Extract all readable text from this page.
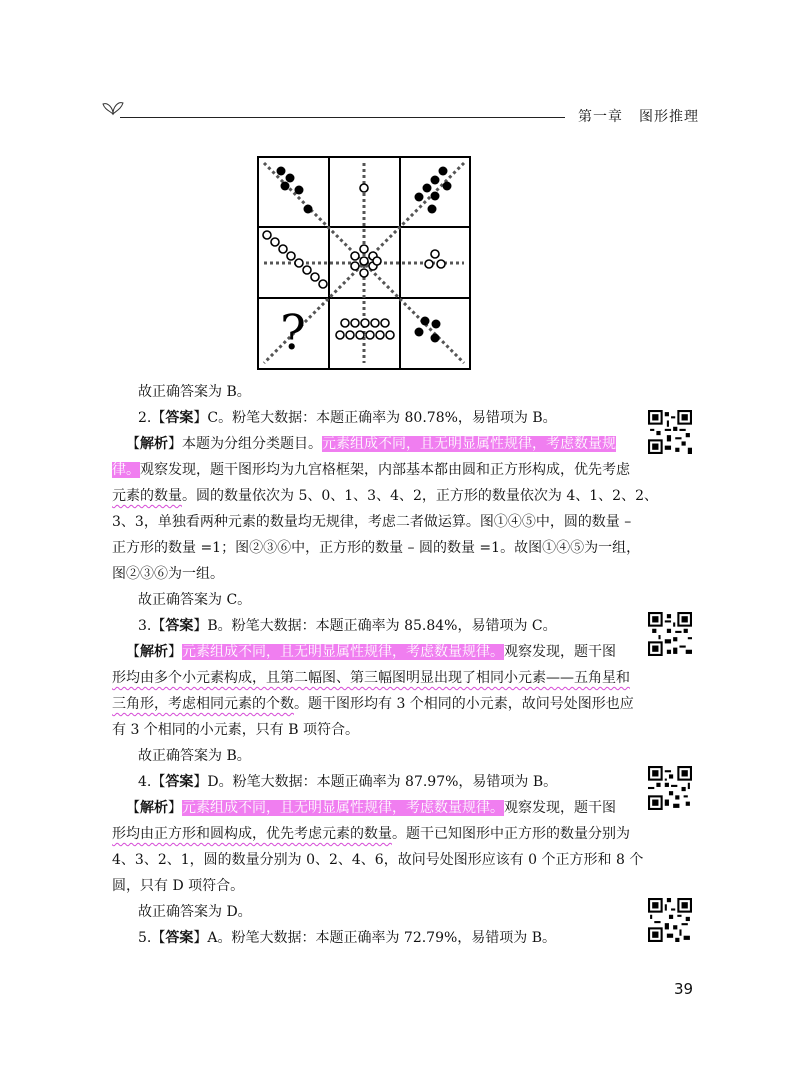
第一章 图形推理
?
故正确答案为 B。
2.【答案】C。粉笔大数据：本题正确率为 80.78%，易错项为 B。
【解析】本题为分组分类题目。元素组成不同，且无明显属性规律，考虑数量规
律。观察发现，题干图形均为九宫格框架，内部基本都由圆和正方形构成，优先考虑
元素的数量。圆的数量依次为 5、0、1、3、4、2，正方形的数量依次为 4、1、2、2、
3、3，单独看两种元素的数量均无规律，考虑二者做运算。图①④⑤中，圆的数量 –
正方形的数量 =1；图②③⑥中，正方形的数量 – 圆的数量 =1。故图①④⑤为一组，
图②③⑥为一组。
故正确答案为 C。
3.【答案】B。粉笔大数据：本题正确率为 85.84%，易错项为 C。
【解析】元素组成不同，且无明显属性规律，考虑数量规律。观察发现，题干图
形均由多个小元素构成，且第二幅图、第三幅图明显出现了相同小元素——五角星和
三角形，考虑相同元素的个数。题干图形均有 3 个相同的小元素，故问号处图形也应
有 3 个相同的小元素，只有 B 项符合。
故正确答案为 B。
4.【答案】D。粉笔大数据：本题正确率为 87.97%，易错项为 B。
【解析】元素组成不同，且无明显属性规律，考虑数量规律。观察发现，题干图
形均由正方形和圆构成，优先考虑元素的数量。题干已知图形中正方形的数量分别为
4、3、2、1，圆的数量分别为 0、2、4、6，故问号处图形应该有 0 个正方形和 8 个
圆，只有 D 项符合。
故正确答案为 D。
5.【答案】A。粉笔大数据：本题正确率为 72.79%，易错项为 B。
39
